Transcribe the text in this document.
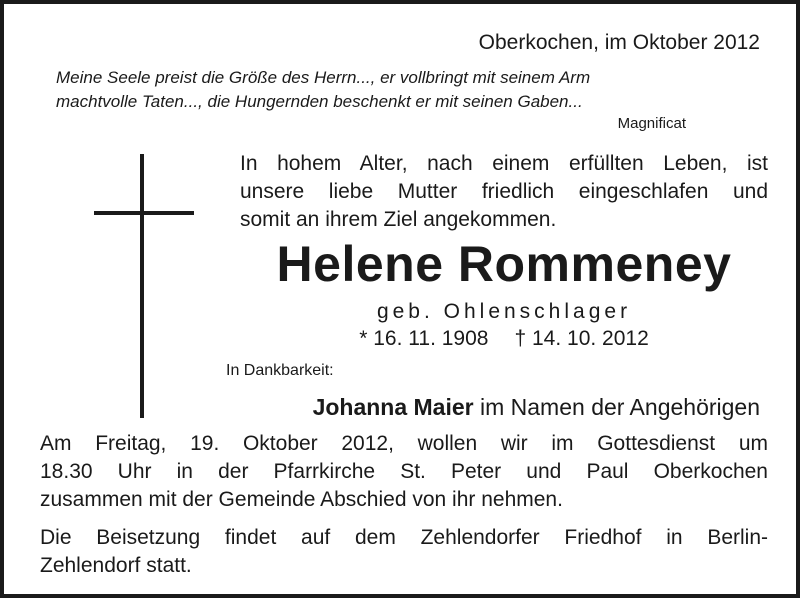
Oberkochen, im Oktober 2012
Meine Seele preist die Größe des Herrn..., er vollbringt mit seinem Arm
machtvolle Taten..., die Hungernden beschenkt er mit seinen Gaben...
Magnificat
In hohem Alter, nach einem erfüllten Leben, ist
unsere liebe Mutter friedlich eingeschlafen und
somit an ihrem Ziel angekommen.
Helene Rommeney
geb. Ohlenschlager
* 16. 11. 1908 † 14. 10. 2012
In Dankbarkeit:
Johanna Maier im Namen der Angehörigen
Am Freitag, 19. Oktober 2012, wollen wir im Gottesdienst um
18.30 Uhr in der Pfarrkirche St. Peter und Paul Oberkochen
zusammen mit der Gemeinde Abschied von ihr nehmen.
Die Beisetzung findet auf dem Zehlendorfer Friedhof in Berlin-
Zehlendorf statt.
